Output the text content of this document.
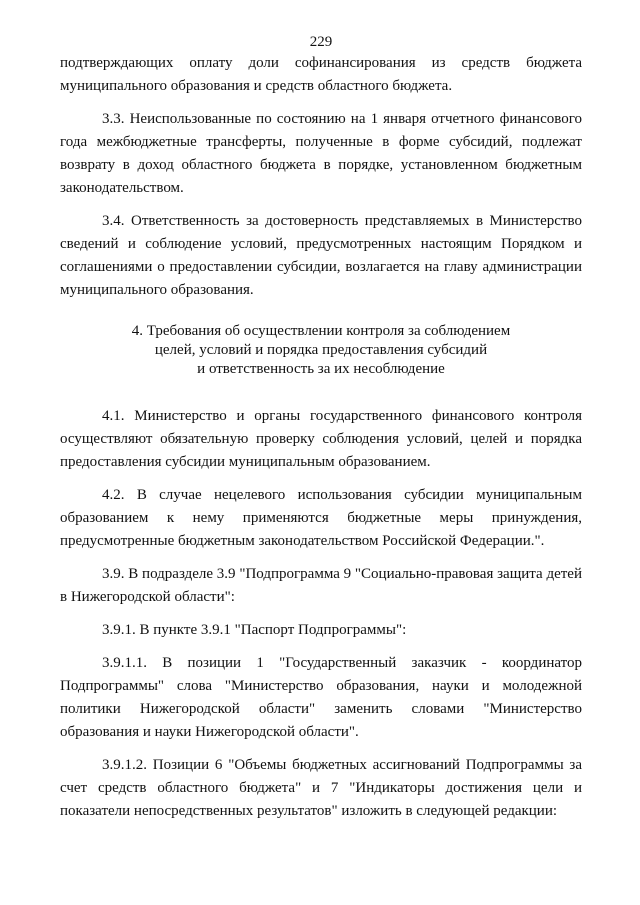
229

подтверждающих оплату доли софинансирования из средств бюджета муниципального образования и средств областного бюджета.

3.3. Неиспользованные по состоянию на 1 января отчетного финансового года межбюджетные трансферты, полученные в форме субсидий, подлежат возврату в доход областного бюджета в порядке, установленном бюджетным законодательством.

3.4. Ответственность за достоверность представляемых в Министерство сведений и соблюдение условий, предусмотренных настоящим Порядком и соглашениями о предоставлении субсидии, возлагается на главу администрации муниципального образования.

4. Требования об осуществлении контроля за соблюдением
целей, условий и порядка предоставления субсидий
и ответственность за их несоблюдение

4.1. Министерство и органы государственного финансового контроля осуществляют обязательную проверку соблюдения условий, целей и порядка предоставления субсидии муниципальным образованием.

4.2. В случае нецелевого использования субсидии муниципальным образованием к нему применяются бюджетные меры принуждения, предусмотренные бюджетным законодательством Российской Федерации.".

3.9. В подразделе 3.9 "Подпрограмма 9 "Социально-правовая защита детей в Нижегородской области":

3.9.1. В пункте 3.9.1 "Паспорт Подпрограммы":

3.9.1.1. В позиции 1 "Государственный заказчик - координатор Подпрограммы" слова "Министерство образования, науки и молодежной политики Нижегородской области" заменить словами "Министерство образования и науки Нижегородской области".

3.9.1.2. Позиции 6 "Объемы бюджетных ассигнований Подпрограммы за счет средств областного бюджета" и 7 "Индикаторы достижения цели и показатели непосредственных результатов" изложить в следующей редакции:
